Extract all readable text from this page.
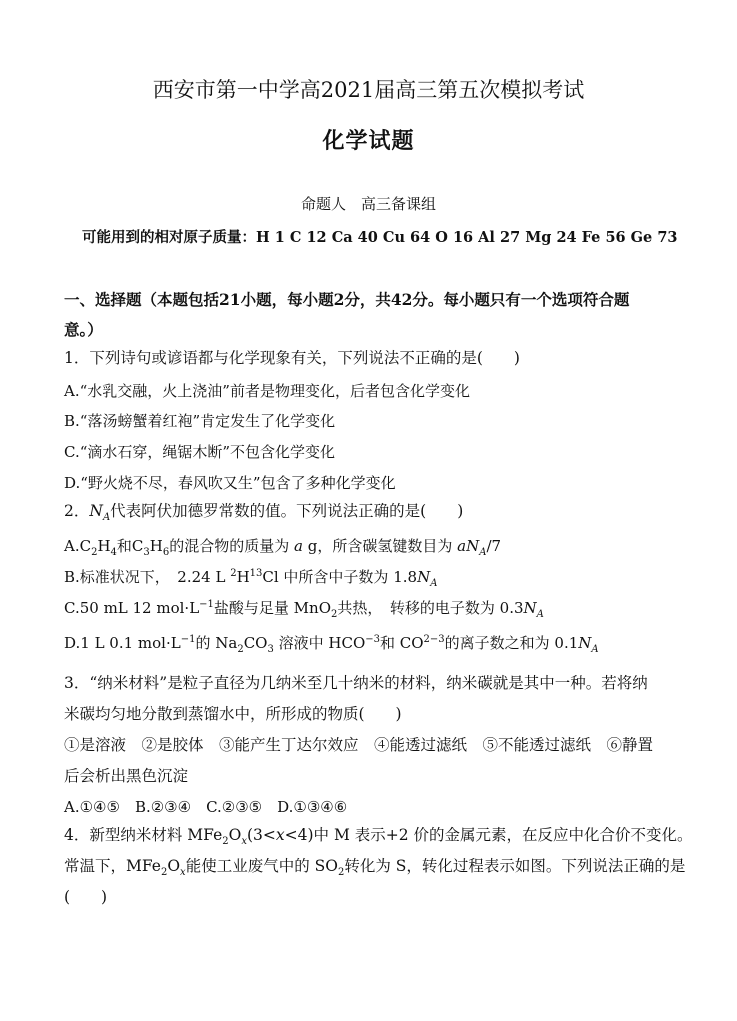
西安市第一中学高2021届高三第五次模拟考试
化学试题
命题人　高三备课组
可能用到的相对原子质量：H 1 C 12 Ca 40 Cu 64 O 16 Al 27 Mg 24 Fe 56 Ge 73
一、选择题（本题包括21小题，每小题2分，共42分。每小题只有一个选项符合题
意。）
1．下列诗句或谚语都与化学现象有关，下列说法不正确的是(　　)
A.“水乳交融，火上浇油”前者是物理变化，后者包含化学变化
B.“落汤螃蟹着红袍”肯定发生了化学变化
C.“滴水石穿，绳锯木断”不包含化学变化
D.“野火烧不尽，春风吹又生”包含了多种化学变化
2．$N_A$代表阿伏加德罗常数的值。下列说法正确的是(　　)
$A.C_2H_4$和$C_3H_6$的混合物的质量为 a g，所含碳氢键数目为 $aN_A/7$
B.标准状况下，　2.24 L $^2H^{13}Cl$ 中所含中子数为 $1.8N_A$
C.50 mL 12 $mol\cdot L^{-1}$盐酸与足量 MnO$_2$共热，　转移的电子数为 $0.3N_A$
D.1 L 0.1 $mol\cdot L^{-1}$的 $Na_2CO_3$ 溶液中 $HCO^{-3}$和 $CO^{2-3}$的离子数之和为 $0.1N_A$
3．“纳米材料”是粒子直径为几纳米至几十纳米的材料，纳米碳就是其中一种。若将纳
米碳均匀地分散到蒸馏水中，所形成的物质(　　)
①是溶液　②是胶体　③能产生丁达尔效应　④能透过滤纸　⑤不能透过滤纸　⑥静置
后会析出黑色沉淀
A.①④⑤　B.②③④　C.②③⑤　D.①③④⑥
4．新型纳米材料 $MFe_2O_x(3<x<4)$中 M 表示+2 价的金属元素，在反应中化合价不变化。
常温下，$MFe_2O_x$能使工业废气中的 $SO_2$转化为 S，转化过程表示如图。下列说法正确的是
(　　)
